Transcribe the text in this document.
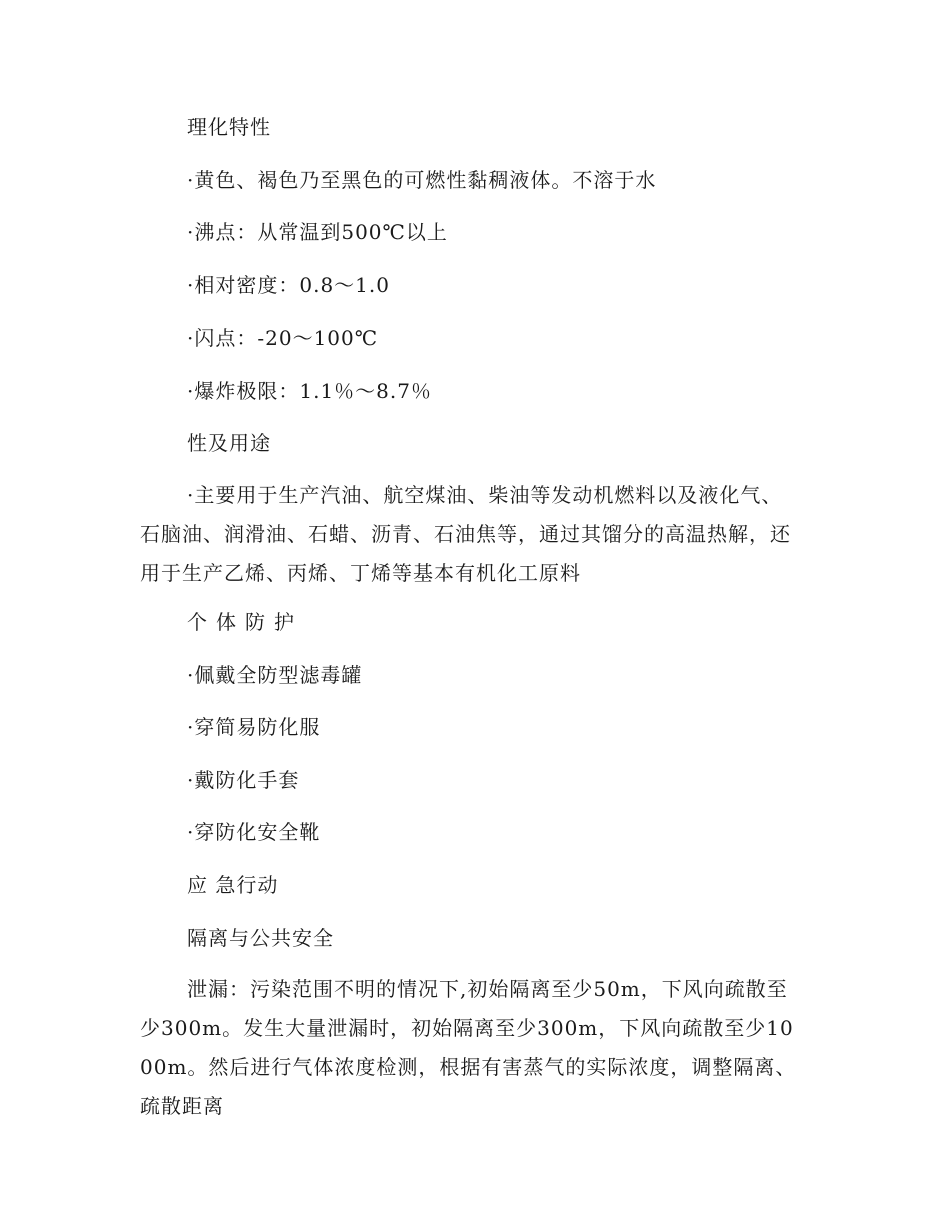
理化特性
·黄色、褐色乃至黑色的可燃性黏稠液体。不溶于水
·沸点：从常温到500℃以上
·相对密度：0.8～1.0
·闪点：-20～100℃
·爆炸极限：1.1％～8.7％
性及用途
·主要用于生产汽油、航空煤油、柴油等发动机燃料以及液化气、石脑油、润滑油、石蜡、沥青、石油焦等，通过其馏分的高温热解，还用于生产乙烯、丙烯、丁烯等基本有机化工原料
个体防护
·佩戴全防型滤毒罐
·穿简易防化服
·戴防化手套
·穿防化安全靴
应 急行动
隔离与公共安全
泄漏：污染范围不明的情况下,初始隔离至少50m，下风向疏散至少300m。发生大量泄漏时，初始隔离至少300m，下风向疏散至少1000m。然后进行气体浓度检测，根据有害蒸气的实际浓度，调整隔离、疏散距离
